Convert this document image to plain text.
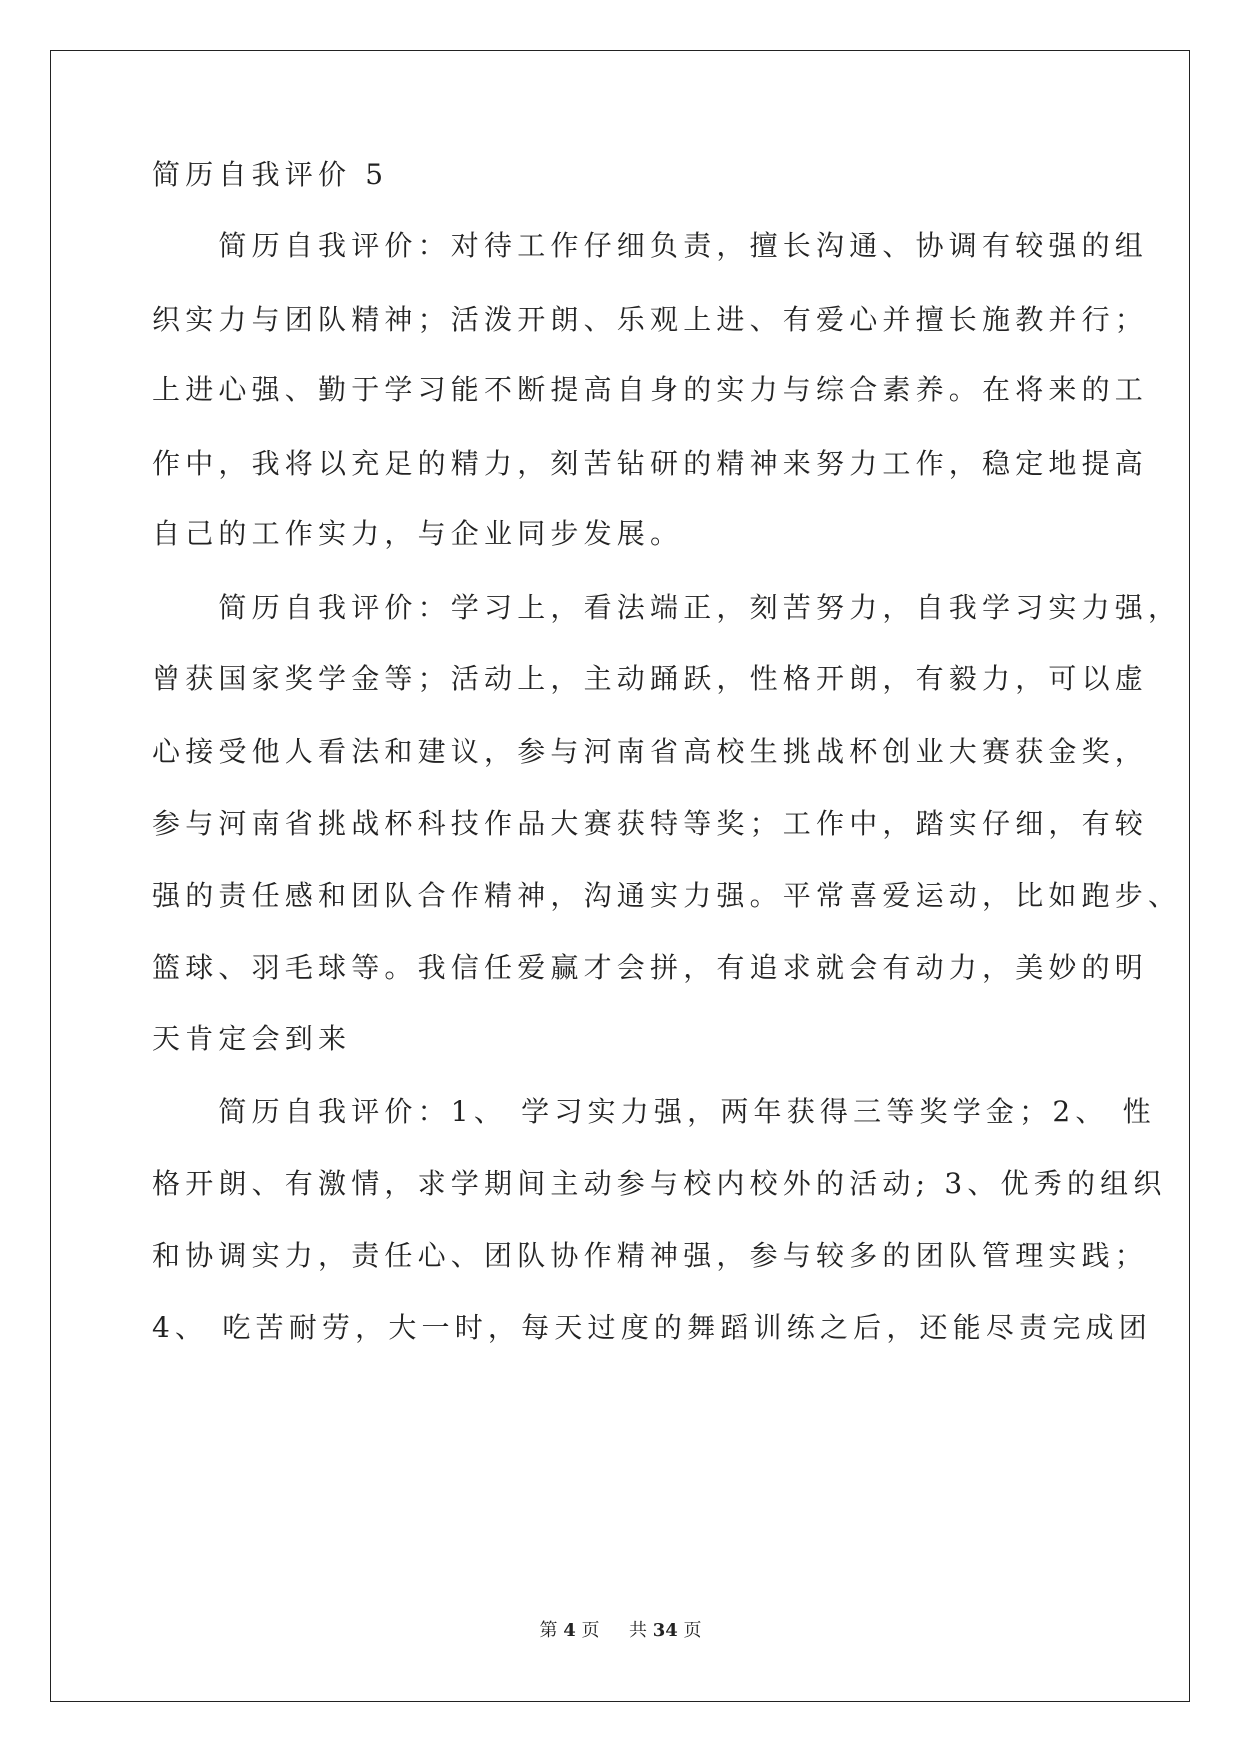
简历自我评价 5
　　简历自我评价：对待工作仔细负责，擅长沟通、协调有较强的组
织实力与团队精神；活泼开朗、乐观上进、有爱心并擅长施教并行；
上进心强、勤于学习能不断提高自身的实力与综合素养。在将来的工
作中，我将以充足的精力，刻苦钻研的精神来努力工作，稳定地提高
自己的工作实力，与企业同步发展。
　　简历自我评价：学习上，看法端正，刻苦努力，自我学习实力强，
曾获国家奖学金等；活动上，主动踊跃，性格开朗，有毅力，可以虚
心接受他人看法和建议，参与河南省高校生挑战杯创业大赛获金奖，
参与河南省挑战杯科技作品大赛获特等奖；工作中，踏实仔细，有较
强的责任感和团队合作精神，沟通实力强。平常喜爱运动，比如跑步、
篮球、羽毛球等。我信任爱赢才会拼，有追求就会有动力，美妙的明
天肯定会到来
　　简历自我评价：1、 学习实力强，两年获得三等奖学金；2、 性
格开朗、有激情，求学期间主动参与校内校外的活动; 3、优秀的组织
和协调实力，责任心、团队协作精神强，参与较多的团队管理实践；
4、 吃苦耐劳，大一时，每天过度的舞蹈训练之后，还能尽责完成团
第 4 页 共 34 页
